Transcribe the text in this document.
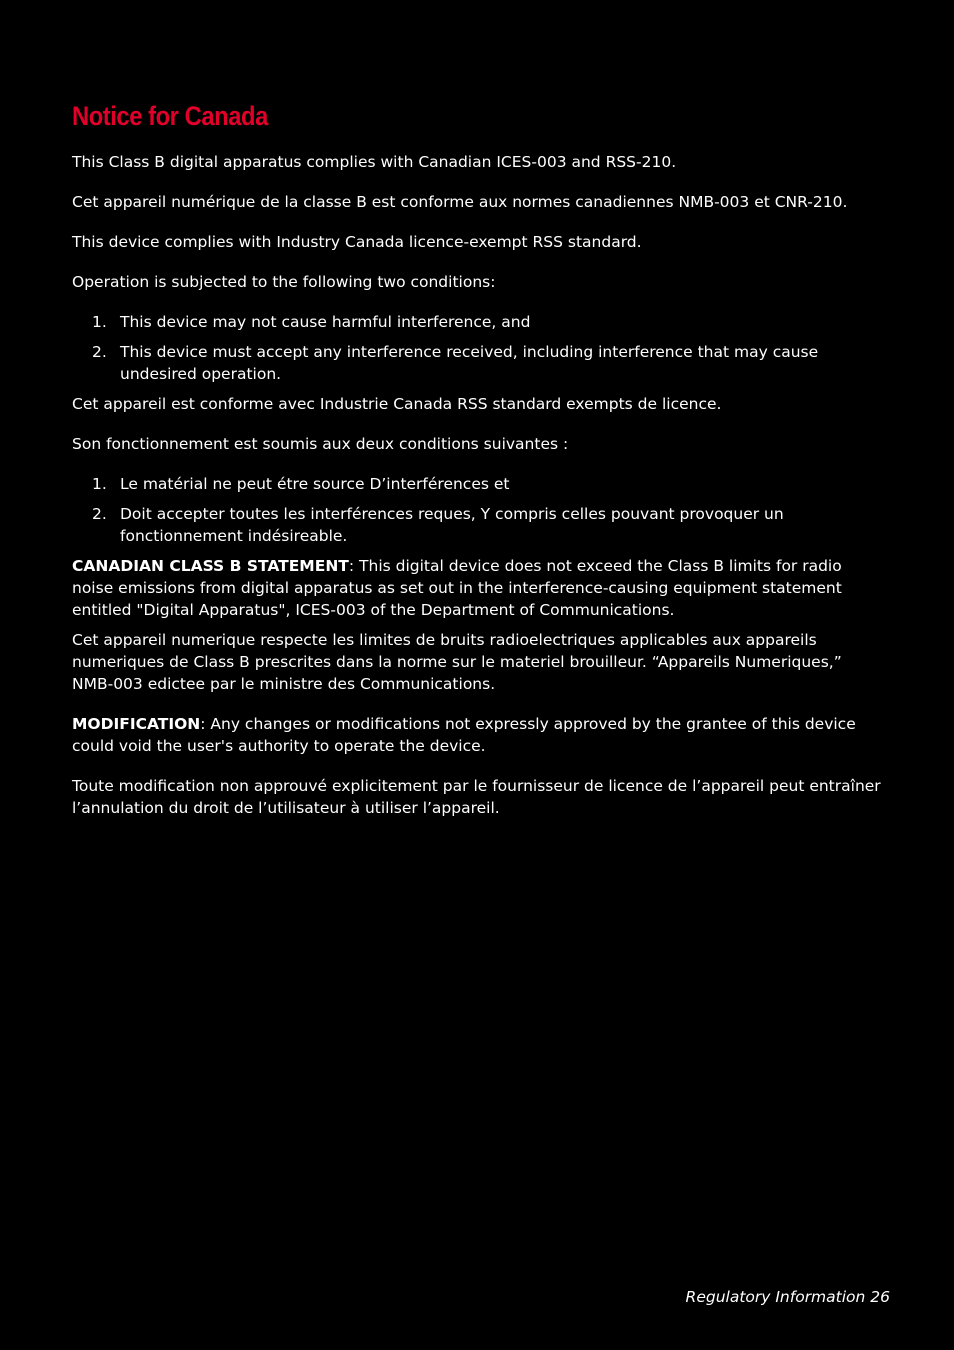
Notice for Canada

This Class B digital apparatus complies with Canadian ICES-003 and RSS-210.

Cet appareil numérique de la classe B est conforme aux normes canadiennes NMB-003 et CNR-210.

This device complies with Industry Canada licence-exempt RSS standard.

Operation is subjected to the following two conditions:

1. This device may not cause harmful interference, and
2. This device must accept any interference received, including interference that may cause undesired operation.

Cet appareil est conforme avec Industrie Canada RSS standard exempts de licence.

Son fonctionnement est soumis aux deux conditions suivantes :

1. Le matérial ne peut étre source D’interférences et
2. Doit accepter toutes les interférences reques, Y compris celles pouvant provoquer un fonctionnement indésireable.

CANADIAN CLASS B STATEMENT: This digital device does not exceed the Class B limits for radio noise emissions from digital apparatus as set out in the interference-causing equipment statement entitled "Digital Apparatus", ICES-003 of the Department of Communications.

Cet appareil numerique respecte les limites de bruits radioelectriques applicables aux appareils numeriques de Class B prescrites dans la norme sur le materiel brouilleur. “Appareils Numeriques,” NMB-003 edictee par le ministre des Communications.

MODIFICATION: Any changes or modifications not expressly approved by the grantee of this device could void the user's authority to operate the device.

Toute modification non approuvé explicitement par le fournisseur de licence de l’appareil peut entraîner l’annulation du droit de l’utilisateur à utiliser l’appareil.

Regulatory Information 26
